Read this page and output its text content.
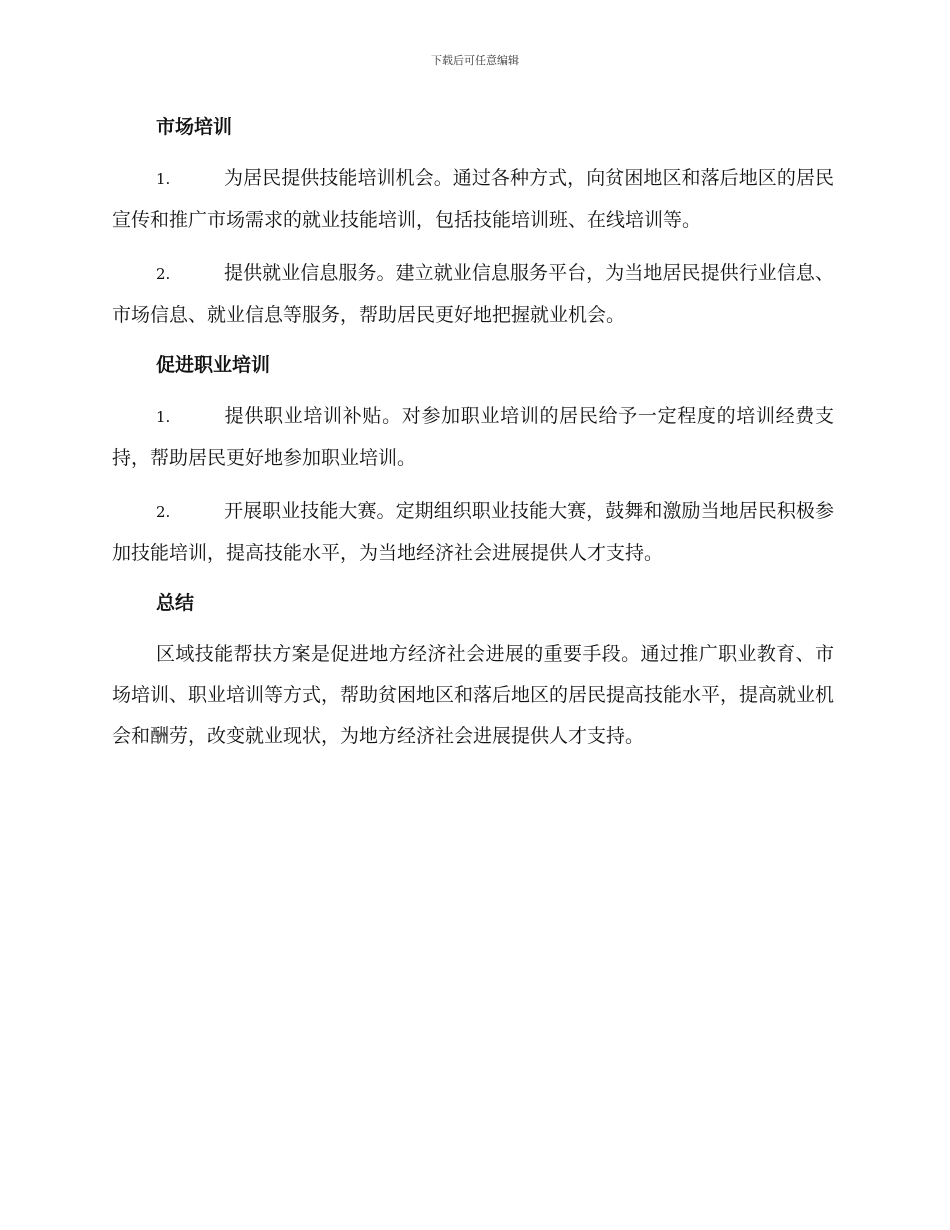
下载后可任意编辑
市场培训
1.	为居民提供技能培训机会。通过各种方式，向贫困地区和落后地区的居民宣传和推广市场需求的就业技能培训，包括技能培训班、在线培训等。
2.	提供就业信息服务。建立就业信息服务平台，为当地居民提供行业信息、市场信息、就业信息等服务，帮助居民更好地把握就业机会。
促进职业培训
1.	提供职业培训补贴。对参加职业培训的居民给予一定程度的培训经费支持，帮助居民更好地参加职业培训。
2.	开展职业技能大赛。定期组织职业技能大赛，鼓舞和激励当地居民积极参加技能培训，提高技能水平，为当地经济社会进展提供人才支持。
总结

区域技能帮扶方案是促进地方经济社会进展的重要手段。通过推广职业教育、市场培训、职业培训等方式，帮助贫困地区和落后地区的居民提高技能水平，提高就业机会和酬劳，改变就业现状，为地方经济社会进展提供人才支持。
